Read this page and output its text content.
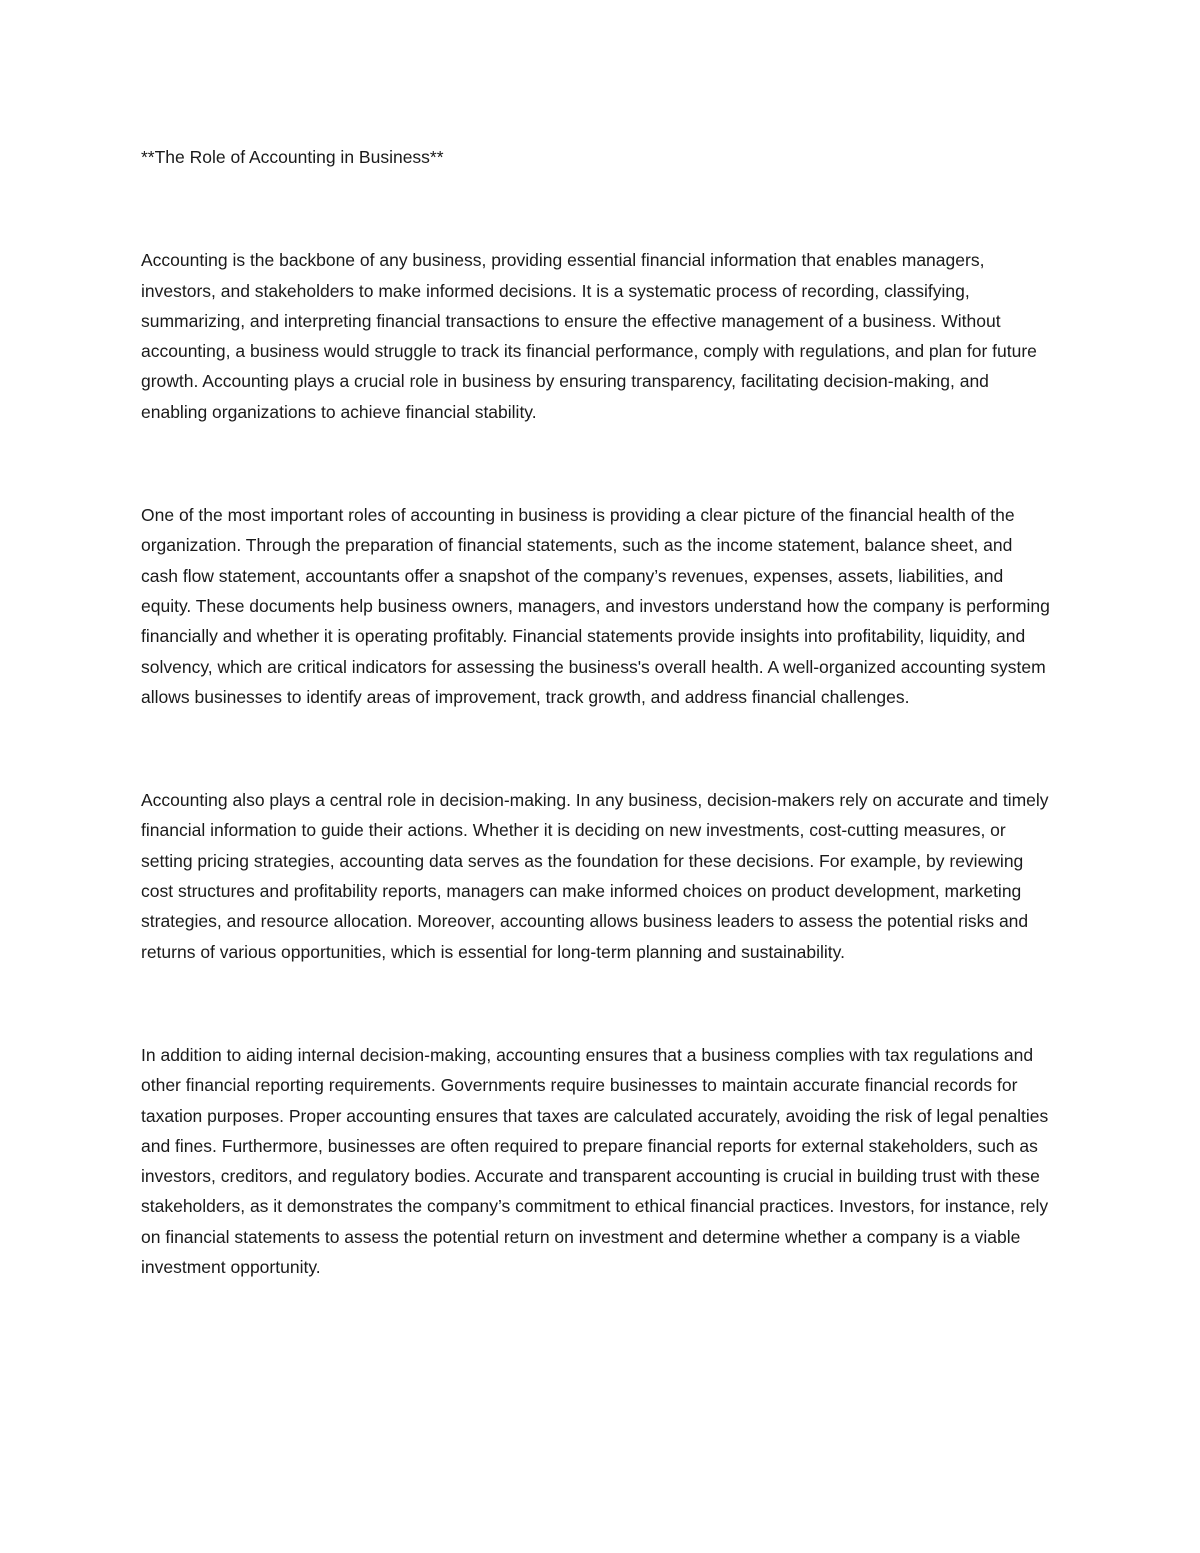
**The Role of Accounting in Business**

Accounting is the backbone of any business, providing essential financial information that enables managers, investors, and stakeholders to make informed decisions. It is a systematic process of recording, classifying, summarizing, and interpreting financial transactions to ensure the effective management of a business. Without accounting, a business would struggle to track its financial performance, comply with regulations, and plan for future growth. Accounting plays a crucial role in business by ensuring transparency, facilitating decision-making, and enabling organizations to achieve financial stability.

One of the most important roles of accounting in business is providing a clear picture of the financial health of the organization. Through the preparation of financial statements, such as the income statement, balance sheet, and cash flow statement, accountants offer a snapshot of the company’s revenues, expenses, assets, liabilities, and equity. These documents help business owners, managers, and investors understand how the company is performing financially and whether it is operating profitably. Financial statements provide insights into profitability, liquidity, and solvency, which are critical indicators for assessing the business's overall health. A well-organized accounting system allows businesses to identify areas of improvement, track growth, and address financial challenges.

Accounting also plays a central role in decision-making. In any business, decision-makers rely on accurate and timely financial information to guide their actions. Whether it is deciding on new investments, cost-cutting measures, or setting pricing strategies, accounting data serves as the foundation for these decisions. For example, by reviewing cost structures and profitability reports, managers can make informed choices on product development, marketing strategies, and resource allocation. Moreover, accounting allows business leaders to assess the potential risks and returns of various opportunities, which is essential for long-term planning and sustainability.

In addition to aiding internal decision-making, accounting ensures that a business complies with tax regulations and other financial reporting requirements. Governments require businesses to maintain accurate financial records for taxation purposes. Proper accounting ensures that taxes are calculated accurately, avoiding the risk of legal penalties and fines. Furthermore, businesses are often required to prepare financial reports for external stakeholders, such as investors, creditors, and regulatory bodies. Accurate and transparent accounting is crucial in building trust with these stakeholders, as it demonstrates the company’s commitment to ethical financial practices. Investors, for instance, rely on financial statements to assess the potential return on investment and determine whether a company is a viable investment opportunity.
